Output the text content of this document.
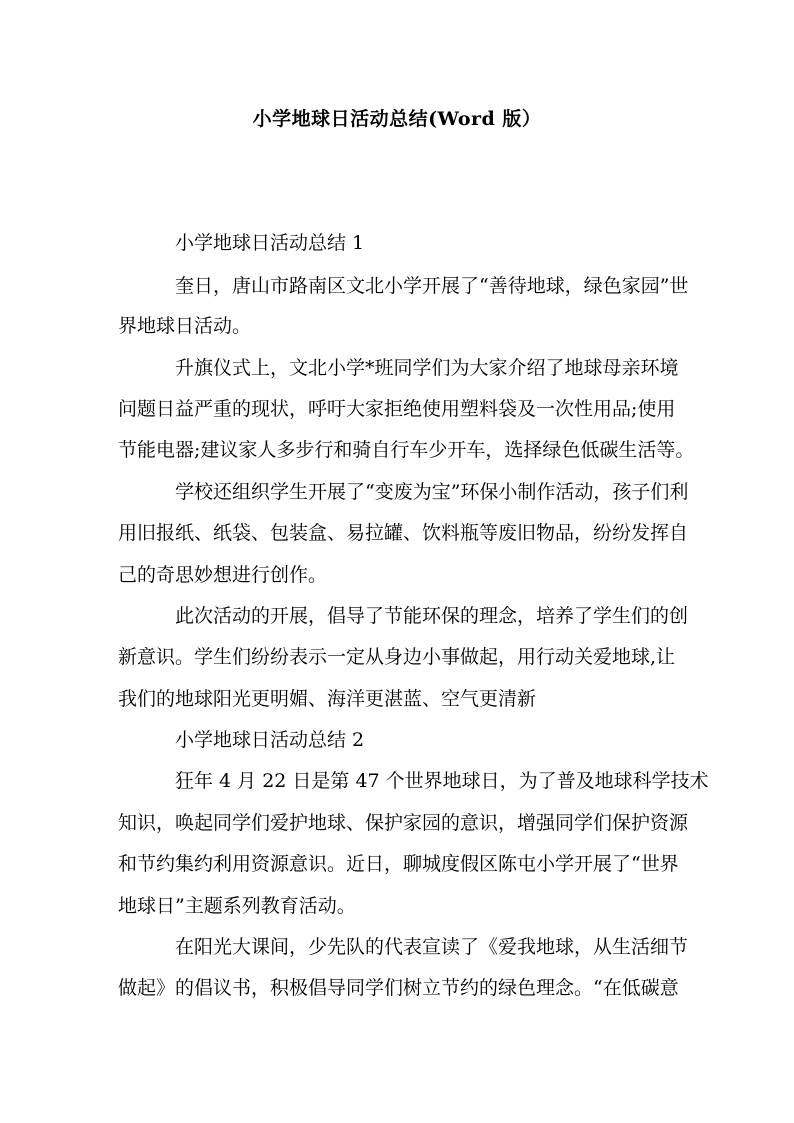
小学地球日活动总结(Word 版）
小学地球日活动总结 1
奎日，唐山市路南区文北小学开展了“善待地球，绿色家园”世
界地球日活动。
升旗仪式上，文北小学*班同学们为大家介绍了地球母亲环境
问题日益严重的现状，呼吁大家拒绝使用塑料袋及一次性用品;使用
节能电器;建议家人多步行和骑自行车少开车，选择绿色低碳生活等。
学校还组织学生开展了“变废为宝”环保小制作活动，孩子们利
用旧报纸、纸袋、包装盒、易拉罐、饮料瓶等废旧物品，纷纷发挥自
己的奇思妙想进行创作。
此次活动的开展，倡导了节能环保的理念，培养了学生们的创
新意识。学生们纷纷表示一定从身边小事做起，用行动关爱地球,让
我们的地球阳光更明媚、海洋更湛蓝、空气更清新
小学地球日活动总结 2
狂年 4 月 22 日是第 47 个世界地球日，为了普及地球科学技术
知识，唤起同学们爱护地球、保护家园的意识，增强同学们保护资源
和节约集约利用资源意识。近日，聊城度假区陈屯小学开展了“世界
地球日”主题系列教育活动。
在阳光大课间，少先队的代表宣读了《爱我地球，从生活细节
做起》的倡议书，积极倡导同学们树立节约的绿色理念。“在低碳意
